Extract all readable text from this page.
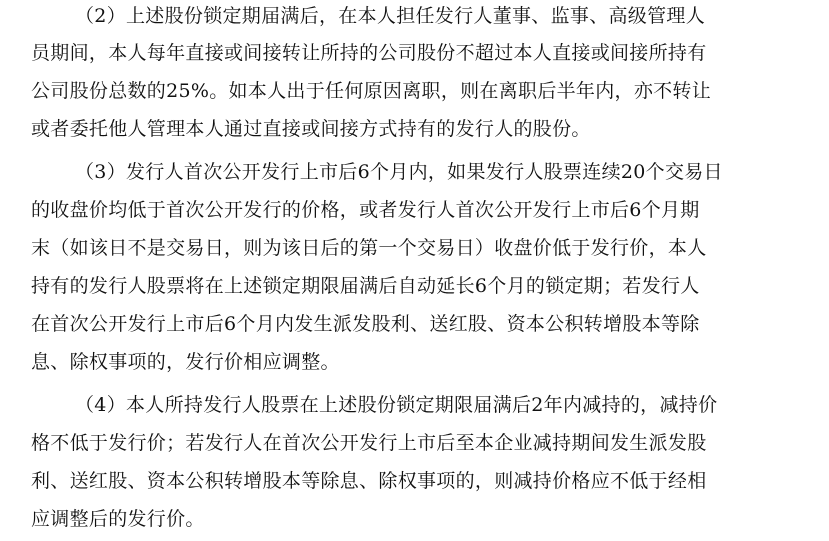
（2）上述股份锁定期届满后，在本人担任发行人董事、监事、高级管理人
员期间，本人每年直接或间接转让所持的公司股份不超过本人直接或间接所持有
公司股份总数的25%。如本人出于任何原因离职，则在离职后半年内，亦不转让
或者委托他人管理本人通过直接或间接方式持有的发行人的股份。
（3）发行人首次公开发行上市后6个月内，如果发行人股票连续20个交易日
的收盘价均低于首次公开发行的价格，或者发行人首次公开发行上市后6个月期
末（如该日不是交易日，则为该日后的第一个交易日）收盘价低于发行价，本人
持有的发行人股票将在上述锁定期限届满后自动延长6个月的锁定期；若发行人
在首次公开发行上市后6个月内发生派发股利、送红股、资本公积转增股本等除
息、除权事项的，发行价相应调整。
（4）本人所持发行人股票在上述股份锁定期限届满后2年内减持的，减持价
格不低于发行价；若发行人在首次公开发行上市后至本企业减持期间发生派发股
利、送红股、资本公积转增股本等除息、除权事项的，则减持价格应不低于经相
应调整后的发行价。
